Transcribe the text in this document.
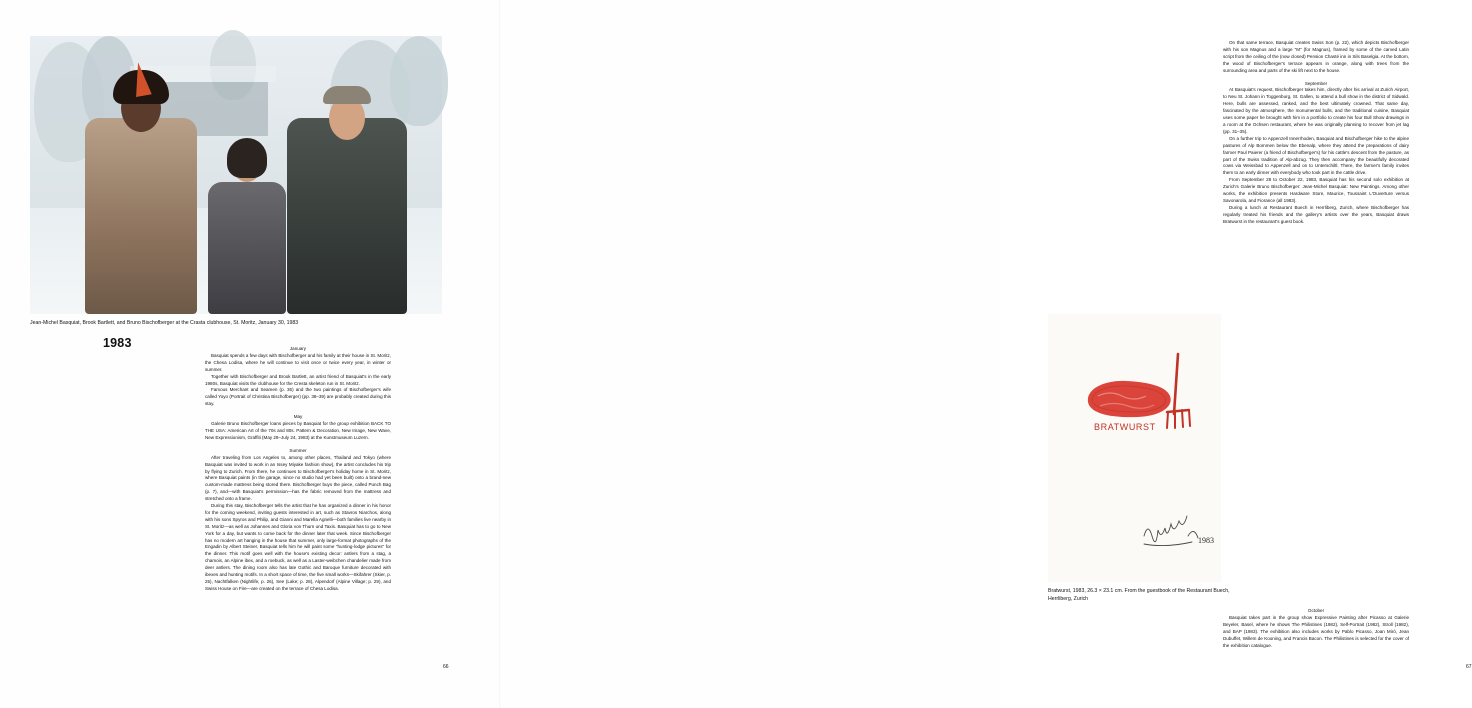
Jean-Michel Basquiat, Brook Bartlett, and Bruno Bischofberger at the Crasta clubhouse, St. Moritz, January 30, 1983
1983	January

Basquiat spends a few days with Bischofberger and his family at their house in St. Moritz, the Chesa Lodisa, where he will continue to visit once or twice every year, in winter or summer.

Together with Bischofberger and Brook Bartlett, an artist friend of Basquiat's in the early 1980s, Basquiat visits the clubhouse for the Cresta skeleton run in St. Moritz.

Famous Merchant and Seamen (p. 36) and the two paintings of Bischofberger's wife called Yoyo (Portrait of Christina Bischofberger) (pp. 38–39) are probably created during this stay.

May

Galerie Bruno Bischofberger loans pieces by Basquiat for the group exhibition BACK TO THE USA: American Art of the 70s and 80s. Pattern & Decoration, New Image, New Wave, New Expressionism, Graffiti (May 29–July 24, 1983) at the Kunstmuseum Luzern.

Summer

After traveling from Los Angeles to, among other places, Thailand and Tokyo (where Basquiat was invited to work in an Issey Miyake fashion show), the artist concludes his trip by flying to Zurich. From there, he continues to Bischofberger's holiday home in St. Moritz, where Basquiat paints (in the garage, since no studio had yet been built) onto a brand-new custom-made mattress being stored there. Bischofberger buys the piece, called Punch Bag (p. 7), and—with Basquiat's permission—has the fabric removed from the mattress and stretched onto a frame.

During this stay, Bischofberger tells the artist that he has organized a dinner in his honor for the coming weekend, inviting guests interested in art, such as Stavros Niarchos, along with his sons Spyros and Philip, and Gianni and Marella Agnelli—both families live nearby in St. Moritz—as well as Johannes and Gloria von Thurn und Taxis. Basquiat has to go to New York for a day, but wants to come back for the dinner later that week. Since Bischofberger has no modern art hanging in the house that summer, only large-format photographs of the Engadin by Albert Steiner, Basquiat tells him he will paint some "hunting-lodge pictures" for the dinner. This motif goes well with the house's existing decor: antlers from a stag, a chamois, an Alpine ibex, and a roebuck, as well as a Laster-weibchen chandelier made from deer antlers. The dining room also has late Gothic and Baroque furniture decorated with ibexes and hunting motifs. In a short space of time, the five small works—Skifahrer (Skier, p. 25), Nachtfalken (Nightlife, p. 26), See (Lake; p. 28), Alpendorf (Alpine Village; p. 29), and Swiss House on Fire—are created on the terrace of Chesa Lodisa.

66

On that same terrace, Basquiat creates Swiss Son (p. 22), which depicts Bischofberger with his son Magnus and a large "M" (for Magnus), framed by some of the carved Latin script from the ceiling of the (now closed) Pension Chasté inn in Sils Baselgia. At the bottom, the wood of Bischofberger's terrace appears in orange, along with trees from the surrounding area and parts of the ski lift next to the house.

September

At Basquiat's request, Bischofberger takes him, directly after his arrival at Zurich Airport, to Neu St. Johann in Toggenburg, St. Gallen, to attend a bull show in the district of Sidwald. Here, bulls are assessed, ranked, and the best ultimately crowned. That same day, fascinated by the atmosphere, the monumental bulls, and the traditional cuisine, Basquiat uses some paper he brought with him in a portfolio to create his four Bull Show drawings in a room at the Ochsen restaurant, where he was originally planning to recover from jet lag (pp. 31–35).

On a further trip to Appenzell Innerrhoden, Basquiat and Bischofberger hike to the alpine pastures of Alp Bommen below the Ebenalp, where they attend the preparations of dairy farmer Paul Paierer (a friend of Bischofberger's) for his cattle's descent from the pasture, as part of the Swiss tradition of Alp-abzug. They then accompany the beautifully decorated cows via Weissbad to Appenzell and on to Unterschiltl. There, the farmer's family invites them to an early dinner with everybody who took part in the cattle drive.

From September 28 to October 22, 1983, Basquiat has his second solo exhibition at Zurich's Galerie Bruno Bischofberger: Jean-Michel Basquiat: New Paintings. Among other works, the exhibition presents Hardware Store, Maurice, Toussaint L'Ouverture versus Savonarola, and Fiorance (all 1983).

During a lunch at Restaurant Buech in Herrliberg, Zurich, where Bischofberger has regularly treated his friends and the gallery's artists over the years, Basquiat draws Bratwurst in the restaurant's guest book.

BRATWURST
1983
Bratwurst, 1983, 26.3 × 23.1 cm. From the guestbook of the Restaurant Buech, Herrliberg, Zurich

October

Basquiat takes part in the group show Expressive Painting after Picasso at Galerie Beyeler, Basel, where he shows The Philistines (1982), Self-Portrait (1982), Stroll (1982), and BAP (1983). The exhibition also includes works by Pablo Picasso, Joan Miró, Jean Dubuffet, Willem de Kooning, and Francis Bacon. The Philistines is selected for the cover of the exhibition catalogue.

67
